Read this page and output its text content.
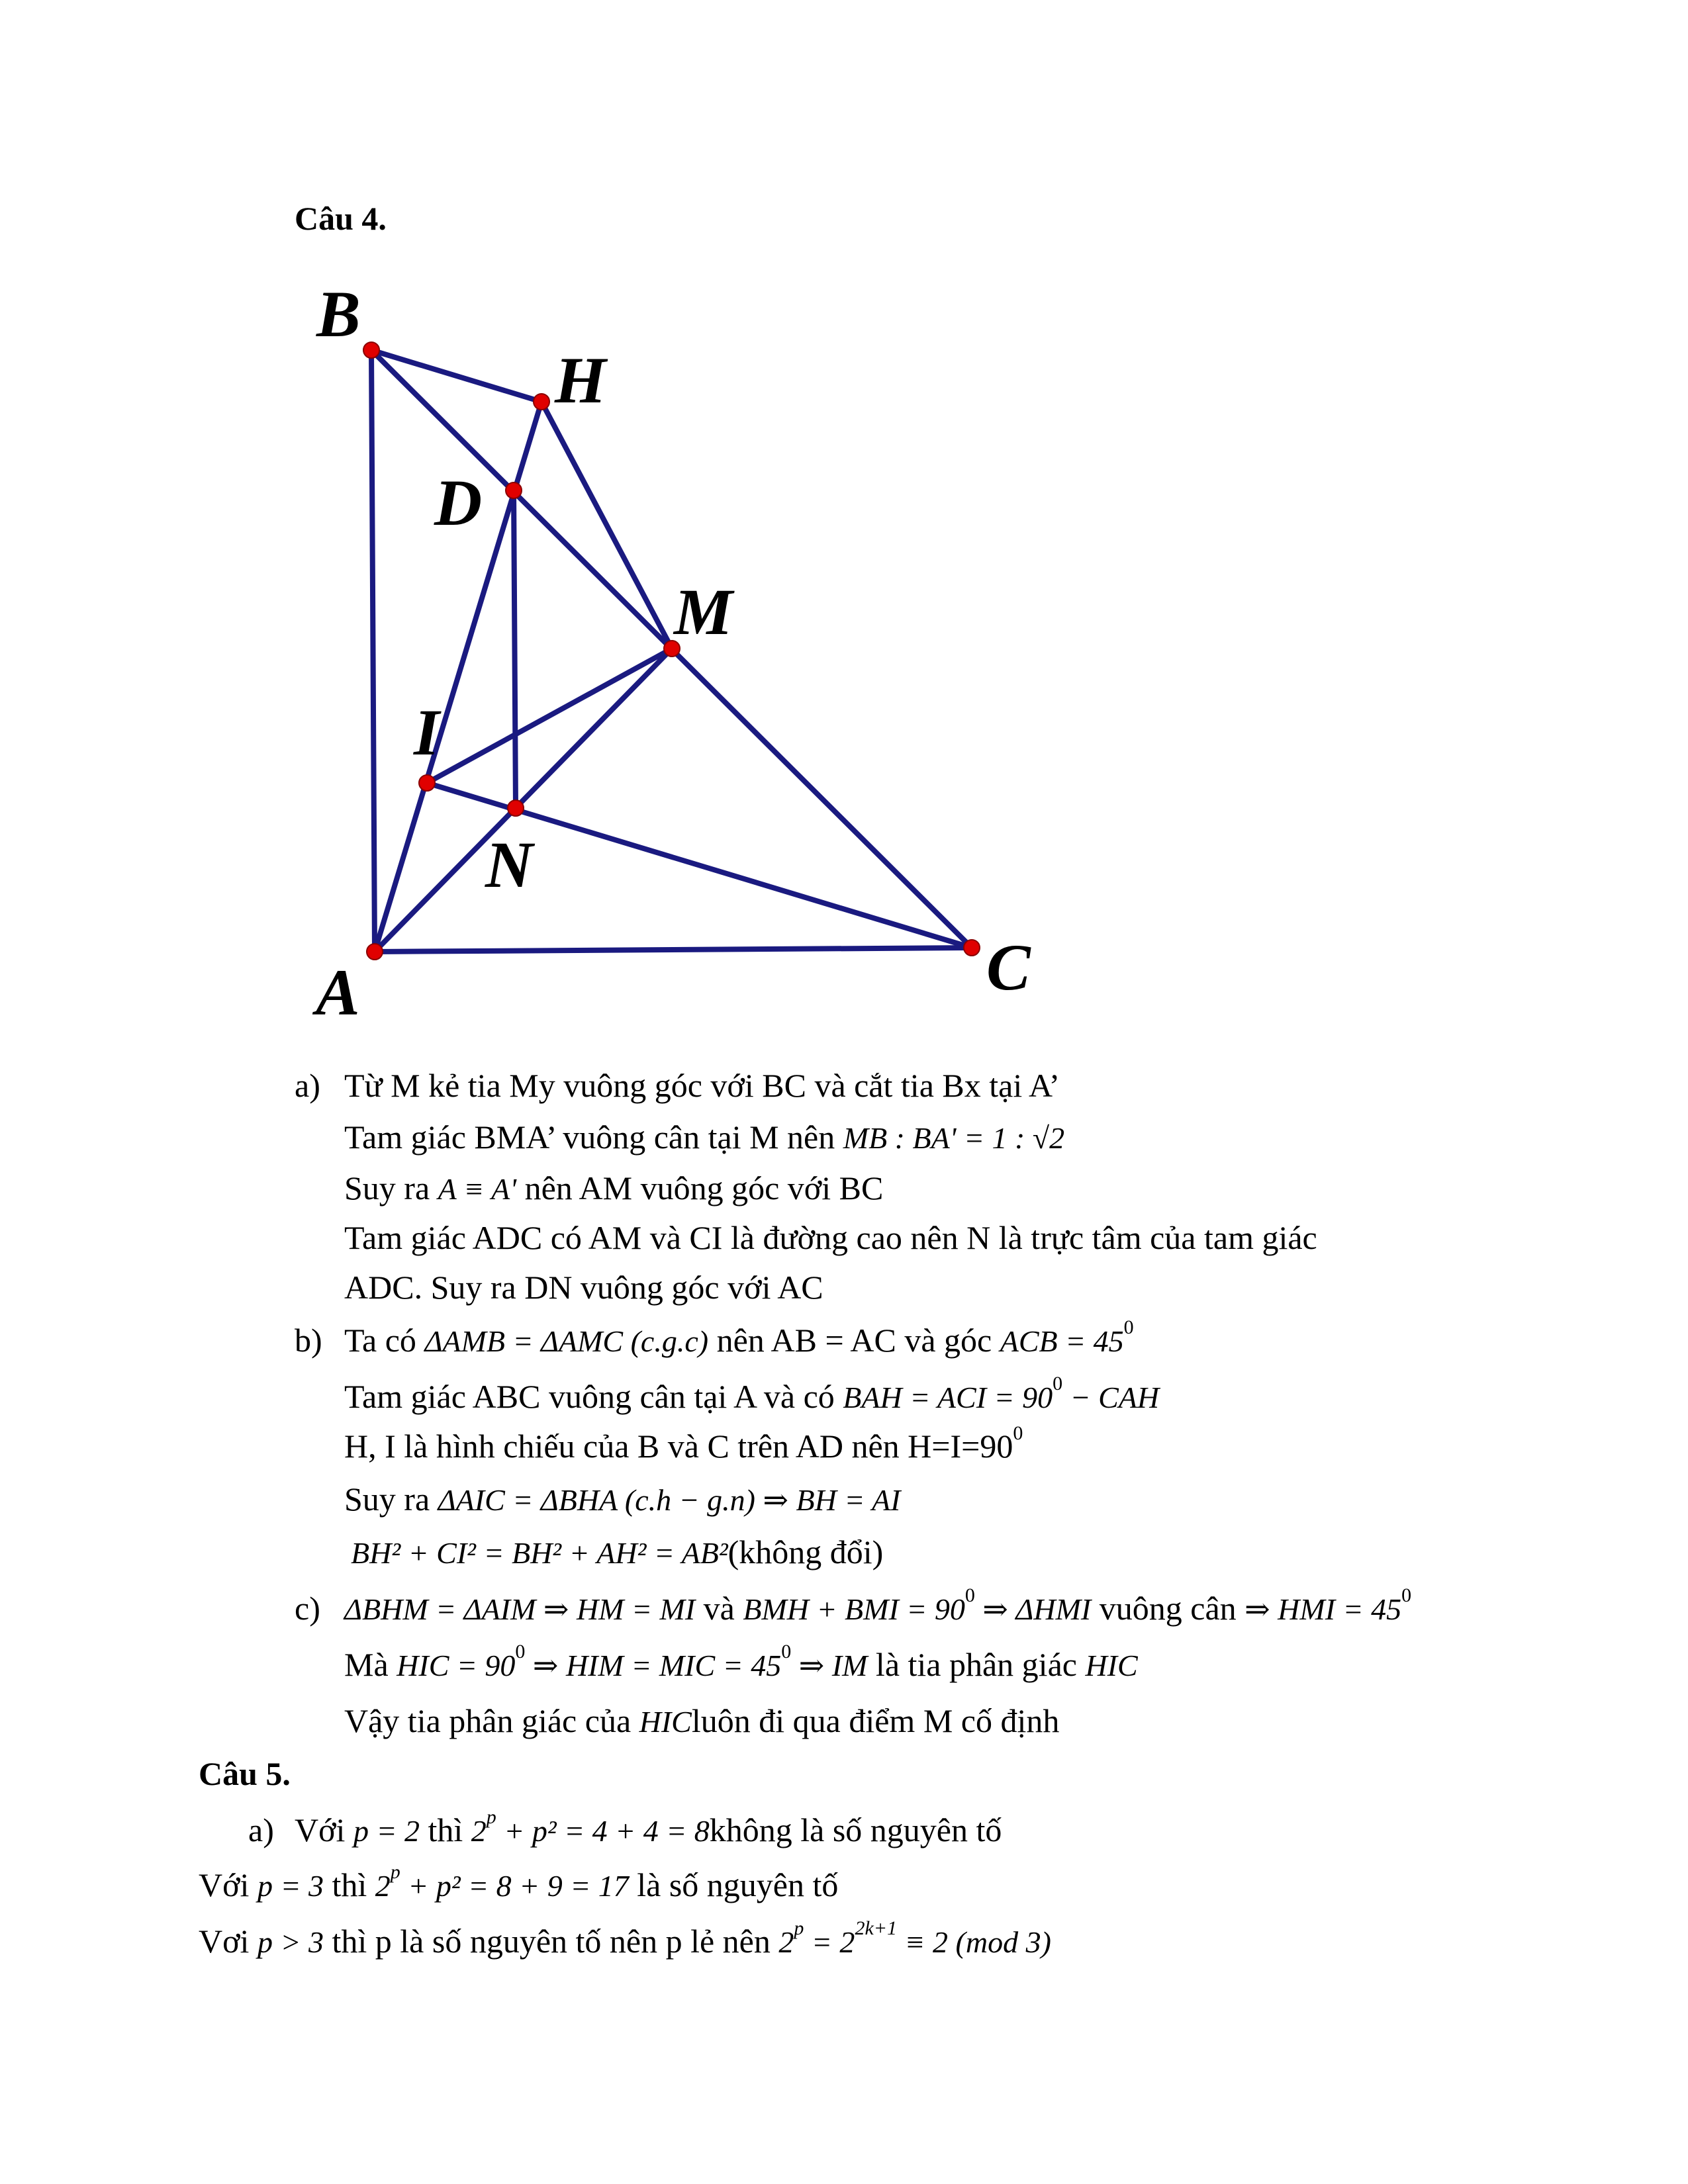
Câu 4.
B
H
D
M
I
N
A	C
a) Từ M kẻ tia My vuông góc với BC và cắt tia Bx tại A’
Tam giác BMA’ vuông cân tại M nên MB : BA' = 1 : √2
Suy ra A ≡ A' nên AM vuông góc với BC
Tam giác ADC có AM và CI là đường cao nên N là trực tâm của tam giác
ADC. Suy ra DN vuông góc với AC
b) Ta có ΔAMB = ΔAMC (c.g.c) nên AB = AC và góc ACB = $45^0$
Tam giác ABC vuông cân tại A và có BAH = ACI = $90^0$ − CAH
H, I là hình chiếu của B và C trên AD nên $H=I=90^0$
Suy ra ΔAIC = ΔBHA (c.h − g.n) ⇒ BH = AI
BH² + CI² = BH² + AH² = AB²(không đổi)
c) ΔBHM = ΔAIM ⇒ HM = MI và BMH + BMI = $90^0$ ⇒ ΔHMI vuông cân ⇒ HMI = $45^0$
Mà HIC = $90^0$ ⇒ HIM = MIC = $45^0$ ⇒ IM là tia phân giác HIC
Vậy tia phân giác của HICluôn đi qua điểm M cố định
Câu 5.
a) Với p = 2 thì $2^p + p^2 = 4 + 4$ = 8không là số nguyên tố
Với p = 3 thì $2^p + p^2 = 8 + 9 = 17$ là số nguyên tố
Vơi p > 3 thì p là số nguyên tố nên p lẻ nên $2^p = 2^{2k+1} \equiv 2$ (mod 3)
